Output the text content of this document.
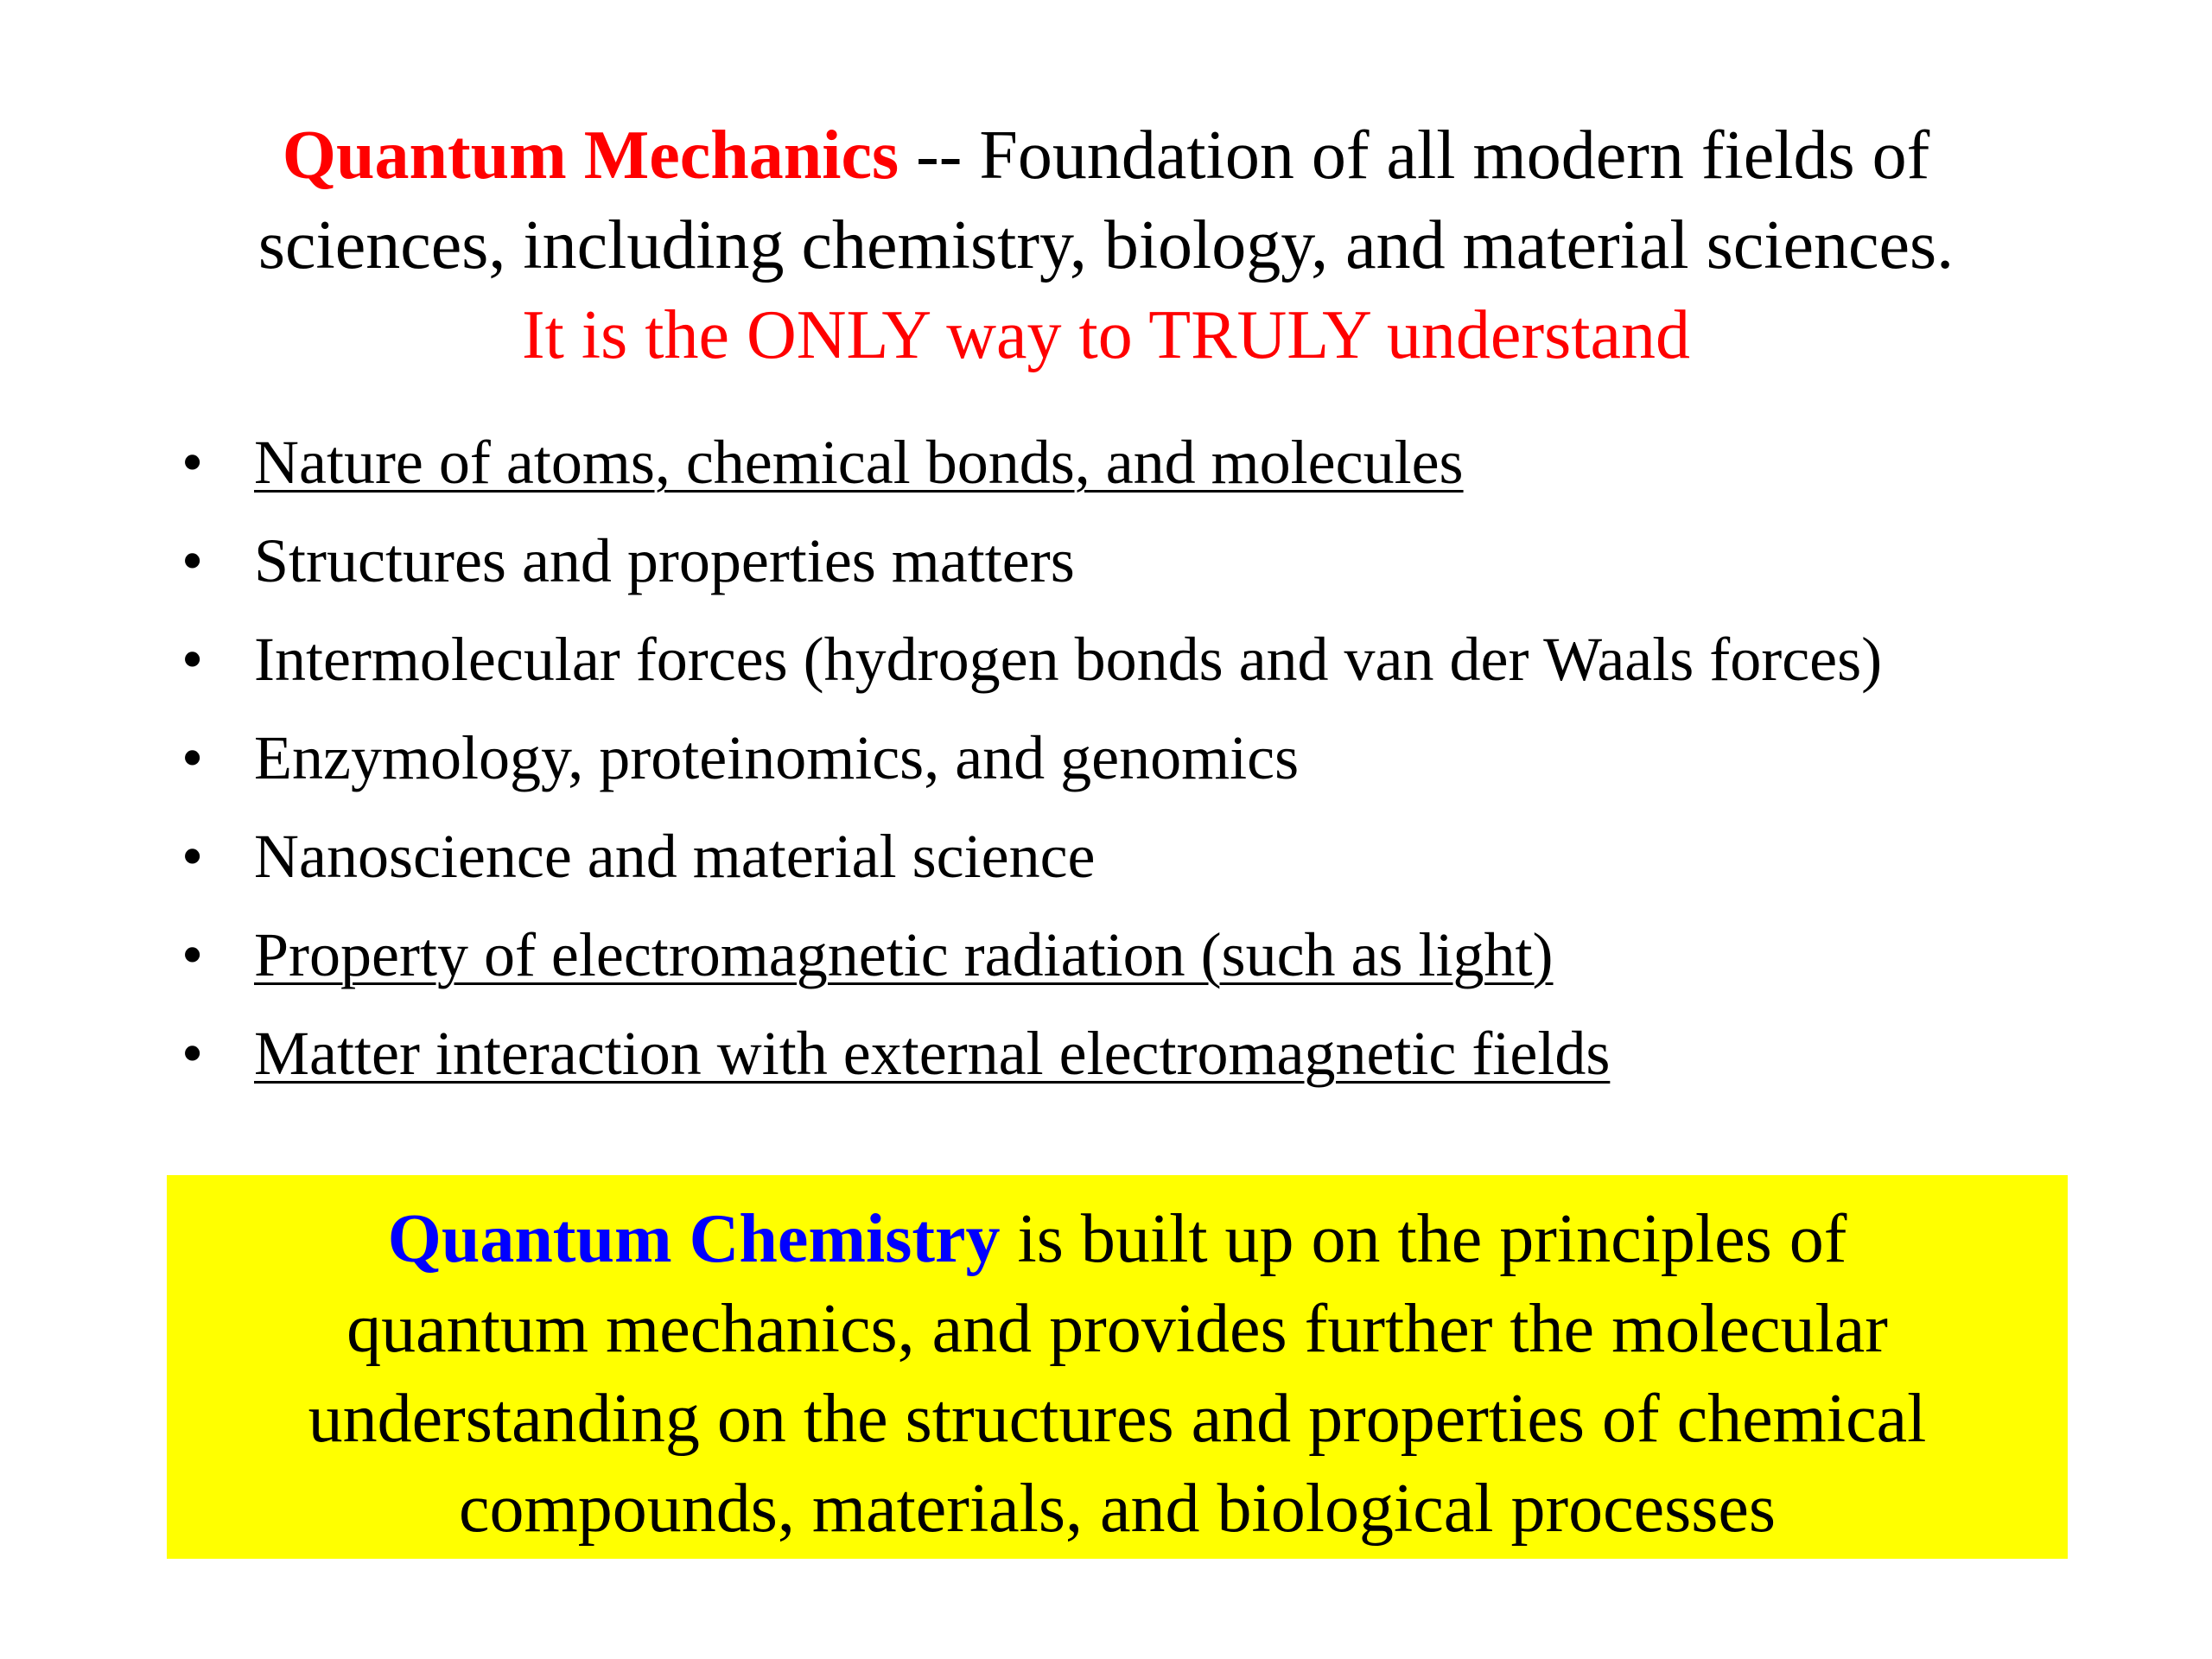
Quantum Mechanics -- Foundation of all modern fields of
sciences, including chemistry, biology, and material sciences.
It is the ONLY way to TRULY understand
• Nature of atoms, chemical bonds, and molecules
• Structures and properties matters
• Intermolecular forces (hydrogen bonds and van der Waals forces)
• Enzymology, proteinomics, and genomics
• Nanoscience and material science
• Property of electromagnetic radiation (such as light)
• Matter interaction with external electromagnetic fields
Quantum Chemistry is built up on the principles of
quantum mechanics, and provides further the molecular
understanding on the structures and properties of chemical
compounds, materials, and biological processes
